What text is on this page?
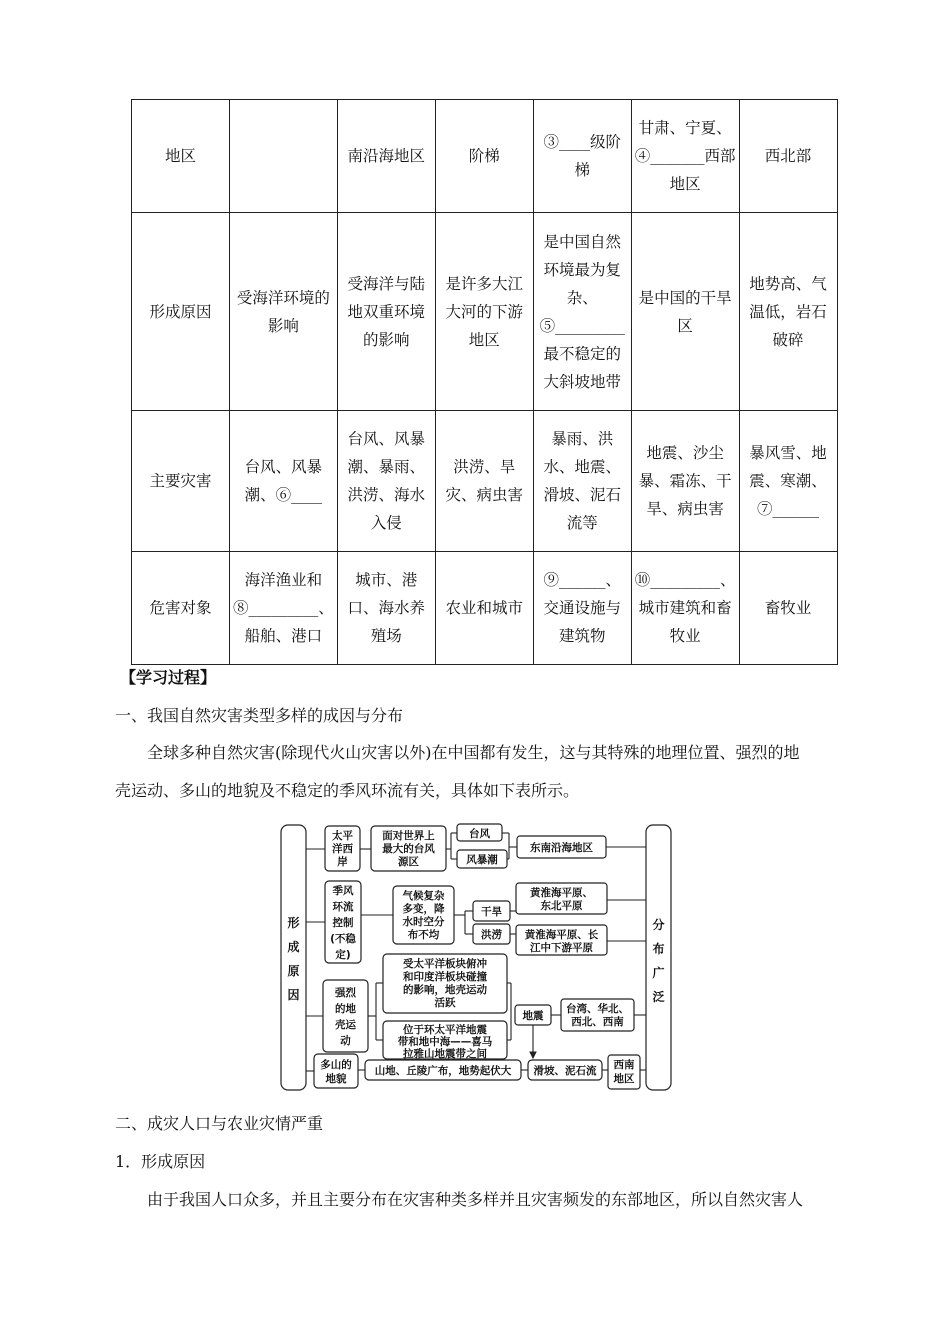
地区		南沿海地区	阶梯	③____级阶梯	甘肃、宁夏、④_______西部地区	西北部
形成原因	受海洋环境的影响	受海洋与陆地双重环境的影响	是许多大江大河的下游地区	是中国自然环境最为复杂、⑤_________最不稳定的大斜坡地带	是中国的干旱区	地势高、气温低，岩石破碎
主要灾害	台风、风暴潮、⑥____	台风、风暴潮、暴雨、洪涝、海水入侵	洪涝、旱灾、病虫害	暴雨、洪水、地震、滑坡、泥石流等	地震、沙尘暴、霜冻、干旱、病虫害	暴风雪、地震、寒潮、⑦______
危害对象	海洋渔业和⑧_________、船舶、港口	城市、港口、海水养殖场	农业和城市	⑨______、交通设施与建筑物	⑩_________、城市建筑和畜牧业	畜牧业
【学习过程】
一、我国自然灾害类型多样的成因与分布
全球多种自然灾害(除现代火山灾害以外)在中国都有发生，这与其特殊的地理位置、强烈的地
壳运动、多山的地貌及不稳定的季风环流有关，具体如下表所示。
形
成
原
因
分
布
广
泛
太平
洋西
岸
面对世界上
最大的台风
源区
台风
风暴潮
东南沿海地区
季风
环流
控制
(不稳
定)
气候复杂
多变，降
水时空分
布不均
干旱
洪涝
黄淮海平原、
东北平原
黄淮海平原、长
江中下游平原
强烈
的地
壳运
动
受太平洋板块俯冲
和印度洋板块碰撞
的影响，地壳运动
活跃
位于环太平洋地震
带和地中海——喜马
拉雅山地震带之间
地震
台湾、华北、
西北、西南
多山的
地貌
山地、丘陵广布，地势起伏大 滑坡、泥石流 西南
地区
二、成灾人口与农业灾情严重
1．形成原因
由于我国人口众多，并且主要分布在灾害种类多样并且灾害频发的东部地区，所以自然灾害人
